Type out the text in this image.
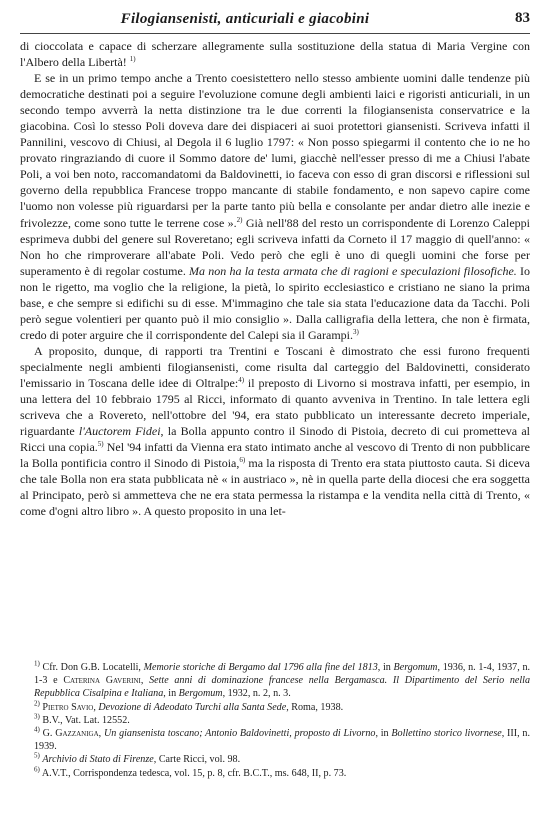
Filogiansenisti, anticuriali e giacobini	83

di cioccolata e capace di scherzare allegramente sulla sostituzione della statua di Maria Vergine con l'Albero della Libertà! $^{1)}$

E se in un primo tempo anche a Trento coesistettero nello stesso ambiente uomini dalle tendenze più democratiche destinati poi a seguire l'evoluzione comune degli ambienti laici e rigoristi anticuriali, in un secondo tempo avverrà la netta distinzione tra le due correnti la filogiansenista conservatrice e la giacobina. Così lo stesso Poli doveva dare dei dispiaceri ai suoi protettori giansenisti. Scriveva infatti il Pannilini, vescovo di Chiusi, al Degola il 6 luglio 1797: « Non posso spiegarmi il contento che io ne ho provato ringraziando di cuore il Sommo datore de' lumi, giacchè nell'esser presso di me a Chiusi l'abate Poli, a voi ben noto, raccomandatomi da Baldovinetti, io faceva con esso di gran discorsi e riflessioni sul governo della repubblica Francese troppo mancante di stabile fondamento, e non sapevo capire come l'uomo non volesse più riguardarsi per la parte tanto più bella e consolante per andar dietro alle inezie e frivolezze, come sono tutte le terrene cose ».$^{2)}$ Già nell'88 del resto un corrispondente di Lorenzo Caleppi esprimeva dubbi del genere sul Roveretano; egli scriveva infatti da Corneto il 17 maggio di quell'anno: « Non ho che rimproverare all'abate Poli. Vedo però che egli è uno di quegli uomini che forse per superamento è di regolar costume. Ma non ha la testa armata che di ragioni e speculazioni filosofiche. Io non le rigetto, ma voglio che la religione, la pietà, lo spirito ecclesiastico e cristiano ne siano la prima base, e che sempre si edifichi su di esse. M'immagino che tale sia stata l'educazione data da Tacchi. Poli però segue volentieri per quanto può il mio consiglio ». Dalla calligrafia della lettera, che non è firmata, credo di poter arguire che il corrispondente del Calepi sia il Garampi.$^{3)}$

A proposito, dunque, di rapporti tra Trentini e Toscani è dimostrato che essi furono frequenti specialmente negli ambienti filogiansenisti, come risulta dal carteggio del Baldovinetti, considerato l'emissario in Toscana delle idee di Oltralpe:$^{4)}$ il preposto di Livorno si mostrava infatti, per esempio, in una lettera del 10 febbraio 1795 al Ricci, informato di quanto avveniva in Trentino. In tale lettera egli scriveva che a Rovereto, nell'ottobre del '94, era stato pubblicato un interessante decreto imperiale, riguardante l'Auctorem Fidei, la Bolla appunto contro il Sinodo di Pistoia, decreto di cui prometteva al Ricci una copia.$^{5)}$ Nel '94 infatti da Vienna era stato intimato anche al vescovo di Trento di non pubblicare la Bolla pontificia contro il Sinodo di Pistoia,$^{6)}$ ma la risposta di Trento era stata piuttosto cauta. Si diceva che tale Bolla non era stata pubblicata nè « in austriaco », nè in quella parte della diocesi che era soggetta al Principato, però si ammetteva che ne era stata permessa la ristampa e la vendita nella città di Trento, « come d'ogni altro libro ». A questo proposito in una let-

$^{1)}$ Cfr. Don G.B. Locatelli, Memorie storiche di Bergamo dal 1796 alla fine del 1813, in Bergomum, 1936, n. 1-4, 1937, n. 1-3 e Caterina Gaverini, Sette anni di dominazione francese nella Bergamasca. Il Dipartimento del Serio nella Repubblica Cisalpina e Italiana, in Bergomum, 1932, n. 2, n. 3.

$^{2)}$ Pietro Savio, Devozione di Adeodato Turchi alla Santa Sede, Roma, 1938.

$^{3)}$ B.V., Vat. Lat. 12552.

$^{4)}$ G. Gazzaniga, Un giansenista toscano; Antonio Baldovinetti, proposto di Livorno, in Bollettino storico livornese, III, n. 1939.

$^{5)}$ Archivio di Stato di Firenze, Carte Ricci, vol. 98.

$^{6)}$ A.V.T., Corrispondenza tedesca, vol. 15, p. 8, cfr. B.C.T., ms. 648, II, p. 73.
